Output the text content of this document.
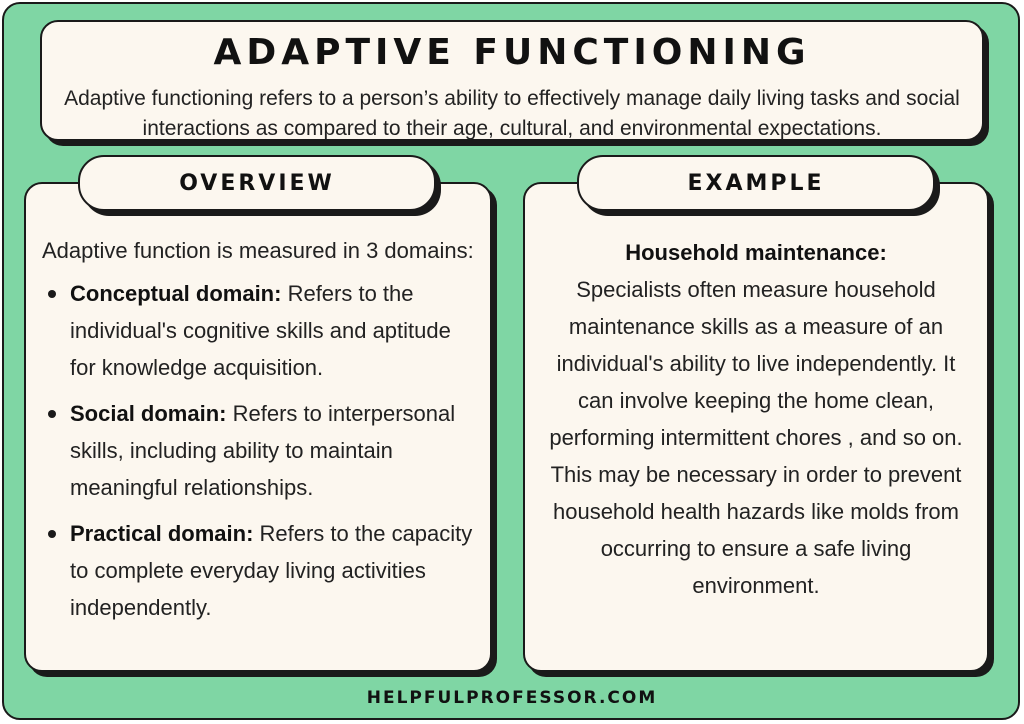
ADAPTIVE FUNCTIONING
Adaptive functioning refers to a person’s ability to effectively manage daily living tasks and social interactions as compared to their age, cultural, and environmental expectations.
Adaptive function is measured in 3 domains:
Conceptual domain: Refers to the individual's cognitive skills and aptitude for knowledge acquisition.
Social domain: Refers to interpersonal skills, including ability to maintain meaningful relationships.
Practical domain: Refers to the capacity to complete everyday living activities independently.
OVERVIEW
Household maintenance:
Specialists often measure household maintenance skills as a measure of an individual's ability to live independently. It can involve keeping the home clean, performing intermittent chores , and so on. This may be necessary in order to prevent household health hazards like molds from occurring to ensure a safe living environment.
EXAMPLE
HELPFULPROFESSOR.COM
